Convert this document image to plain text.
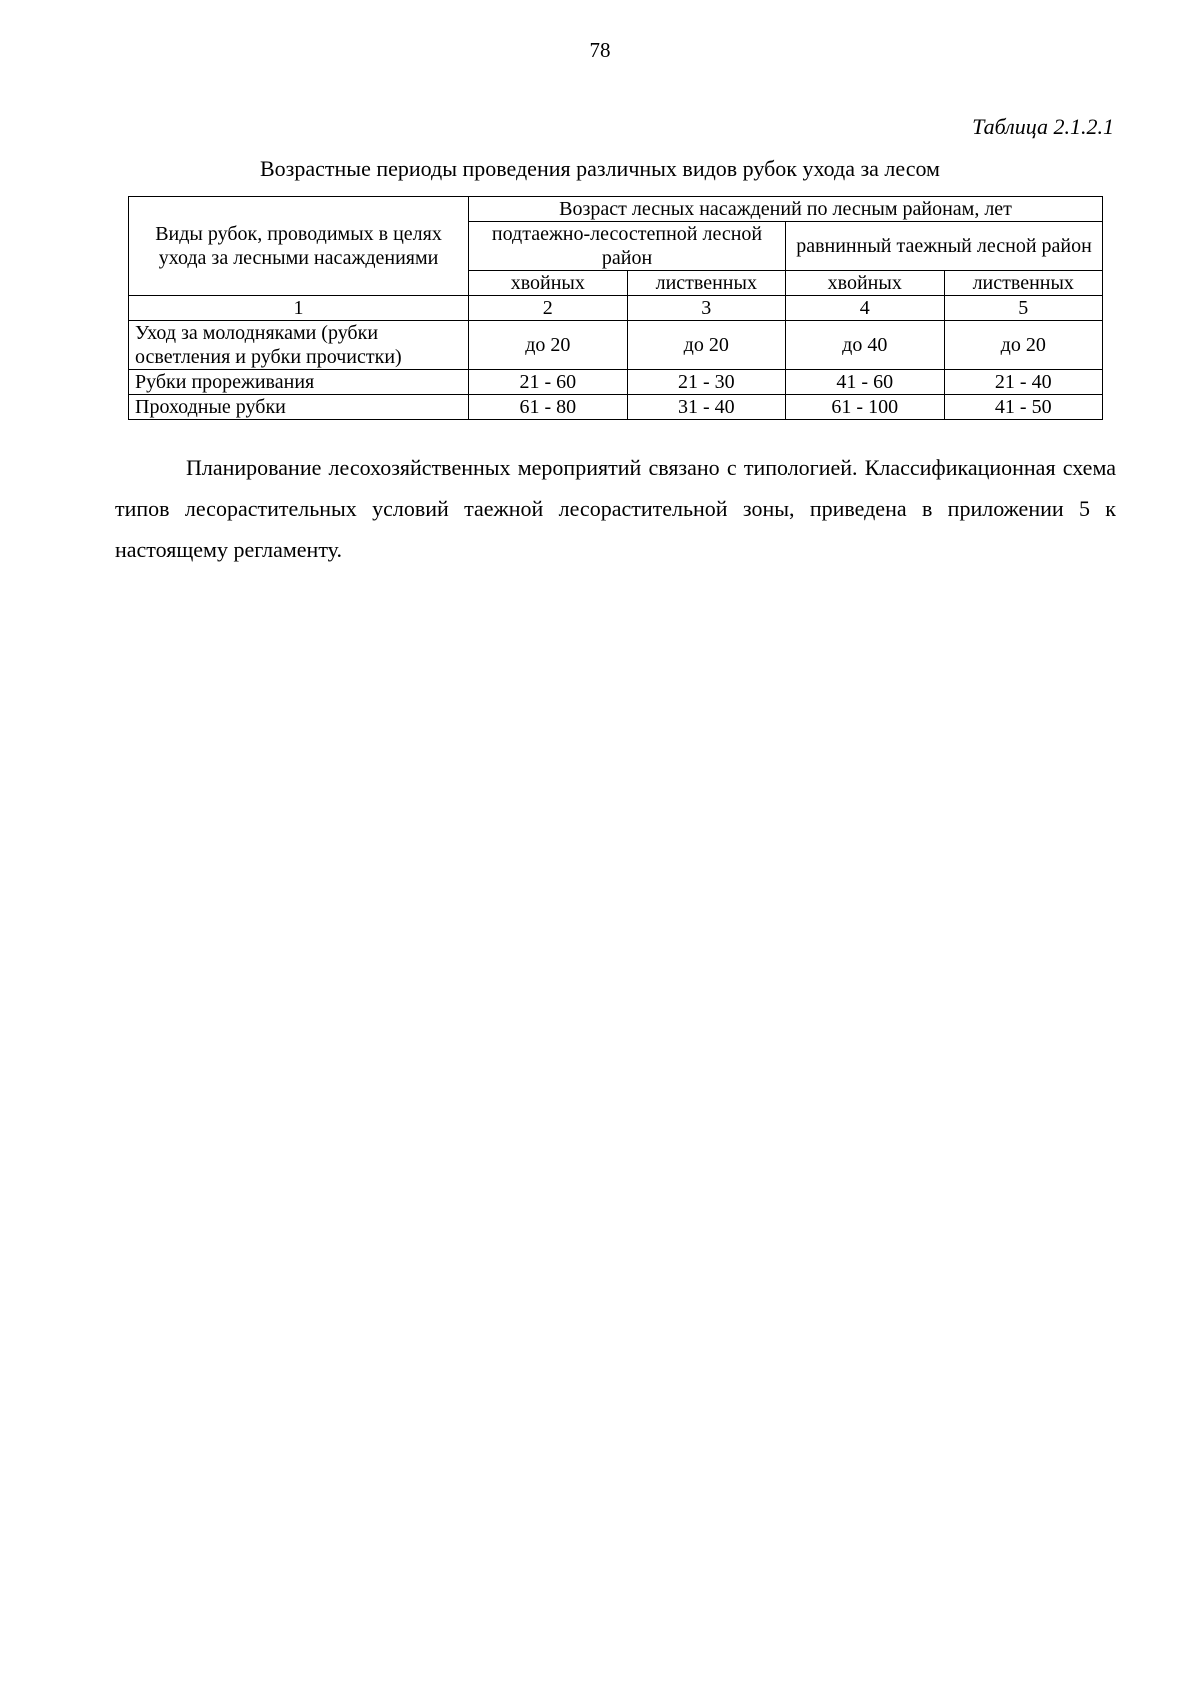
78
Таблица 2.1.2.1
Возрастные периоды проведения различных видов рубок ухода за лесом
Виды рубок, проводимых в целях ухода за лесными насаждениями	Возраст лесных насаждений по лесным районам, лет			
	подтаежно-лесостепной лесной район		равнинный таежный лесной район	
	хвойных	лиственных	хвойных	лиственных
1	2	3	4	5
Уход за молодняками (рубки осветления и рубки прочистки)	до 20	до 20	до 40	до 20
Рубки прореживания	21 - 60	21 - 30	41 - 60	21 - 40
Проходные рубки	61 - 80	31 - 40	61 - 100	41 - 50

Планирование лесохозяйственных мероприятий связано с типологией. Классификационная схема типов лесорастительных условий таежной лесорастительной зоны, приведена в приложении 5 к настоящему регламенту.
